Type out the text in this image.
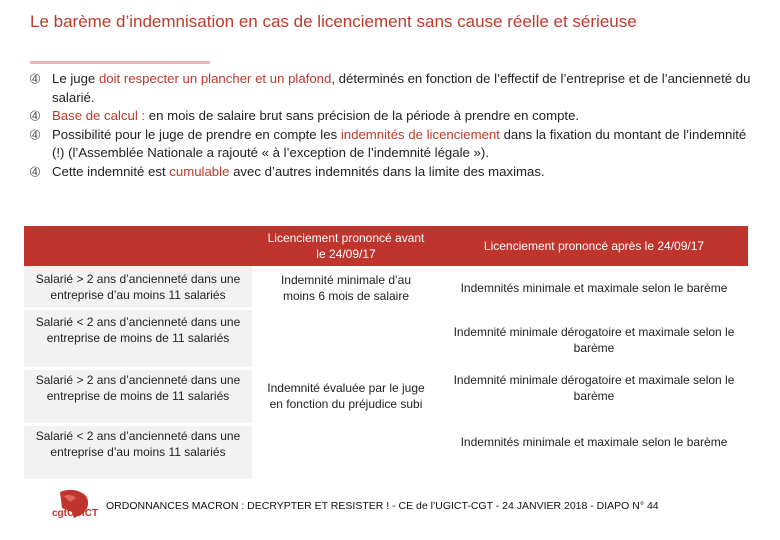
Le barème d’indemnisation en cas de licenciement sans cause réelle et sérieuse
➃ Le juge doit respecter un plancher et un plafond, déterminés en fonction de l’effectif de l’entreprise et de l’ancienneté du salarié.
➃ Base de calcul : en mois de salaire brut sans précision de la période à prendre en compte.
➃ Possibilité pour le juge de prendre en compte les indemnités de licenciement dans la fixation du montant de l’indemnité (!) (l’Assemblée Nationale a rajouté « à l’exception de l’indemnité légale »).
➃ Cette indemnité est cumulable avec d’autres indemnités dans la limite des maximas.
	Licenciement prononcé avant le 24/09/17	Licenciement prononcé après le 24/09/17
Salarié > 2 ans d’ancienneté dans une entreprise d’au moins 11 salariés	Indemnité minimale d’au moins 6 mois de salaire	Indemnités minimale et maximale selon le barème
Salarié < 2 ans d’ancienneté dans une entreprise de moins de 11 salariés	Indemnité évaluée par le juge en fonction du préjudice subi	Indemnité minimale dérogatoire et maximale selon le barème
Salarié > 2 ans d’ancienneté dans une entreprise de moins de 11 salariés		Indemnité minimale dérogatoire et maximale selon le barème
Salarié < 2 ans d’ancienneté dans une entreprise d’au moins 11 salariés		Indemnités minimale et maximale selon le barème
cgtUGICT
ORDONNANCES MACRON : DECRYPTER ET RESISTER ! - CE de l’UGICT-CGT - 24 JANVIER 2018 - DIAPO N° 44
